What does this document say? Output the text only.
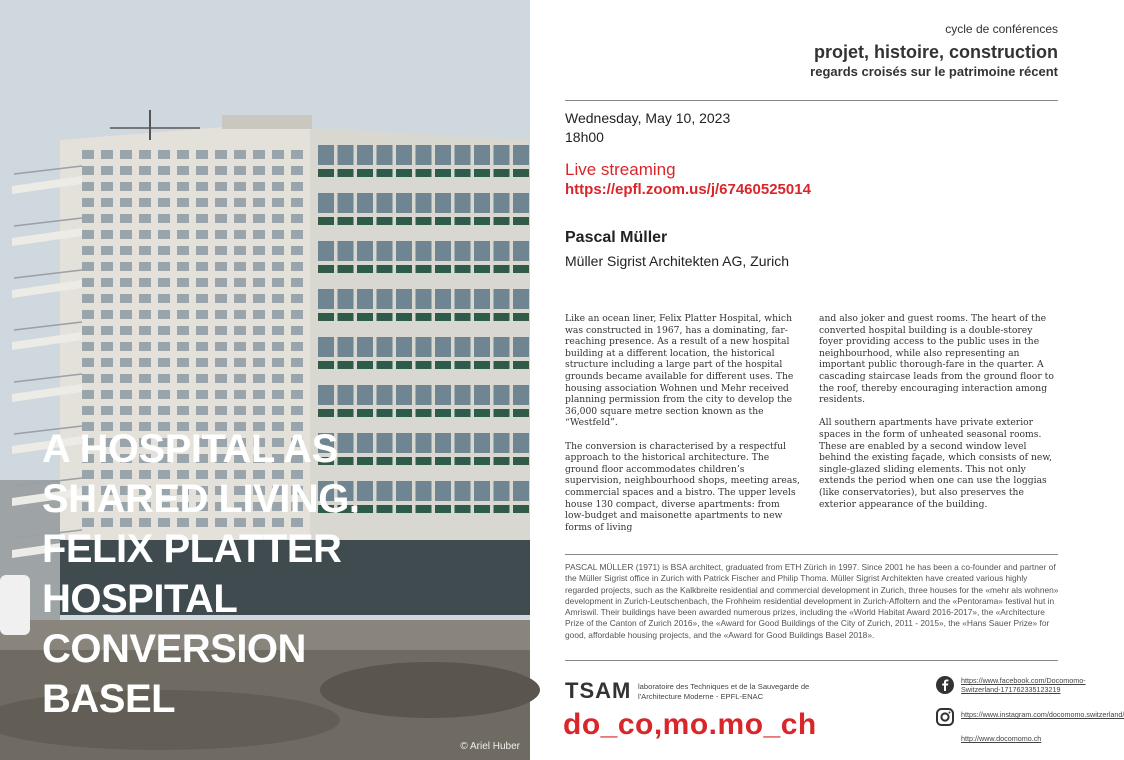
A HOSPITAL AS
SHARED LIVING.
FELIX PLATTER
HOSPITAL
CONVERSION
BASEL
© Ariel Huber
cycle de conférences
projet, histoire, construction
regards croisés sur le patrimoine récent
Wednesday, May 10, 2023
18h00
Live streaming
https://epfl.zoom.us/j/67460525014
Pascal Müller
Müller Sigrist Architekten AG, Zurich

Like an ocean liner, Felix Platter Hospital, which was constructed in 1967, has a dominating, far-reaching presence. As a result of a new hospital building at a different location, the historical structure including a large part of the hospital grounds became available for different uses. The housing association Wohnen und Mehr received planning permission from the city to develop the 36,000 square metre section known as the “Westfeld”.

The conversion is characterised by a respectful approach to the historical architecture. The ground floor accommodates children’s supervision, neighbourhood shops, meeting areas, commercial spaces and a bistro. The upper levels house 130 compact, diverse apartments: from low-budget and maisonette apartments to new forms of living

and also joker and guest rooms. The heart of the converted hospital building is a double-storey foyer providing access to the public uses in the neighbourhood, while also representing an important public thorough-fare in the quarter. A cascading staircase leads from the ground floor to the roof, thereby encouraging interaction among residents.

All southern apartments have private exterior spaces in the form of unheated seasonal rooms. These are enabled by a second window level behind the existing façade, which consists of new, single-glazed sliding elements. This not only extends the period when one can use the loggias (like conservatories), but also preserves the exterior appearance of the building.

PASCAL MÜLLER (1971) is BSA architect, graduated from ETH Zürich in 1997. Since 2001 he has been a co-founder and partner of the Müller Sigrist office in Zurich with Patrick Fischer and Philip Thoma. Müller Sigrist Architekten have created various highly regarded projects, such as the Kalkbreite residential and commercial development in Zurich, three houses for the «mehr als wohnen» development in Zurich-Leutschenbach, the Frohheim residential development in Zurich-Affoltern and the «Pentorama» festival hut in Amriswil. Their buildings have been awarded numerous prizes, including the «World Habitat Award 2016-2017», the «Architecture Prize of the Canton of Zurich 2016», the «Award for Good Buildings of the City of Zurich, 2011 - 2015», the «Hans Sauer Prize» for good, affordable housing projects, and the «Award for Good Buildings Basel 2018».

TSAM laboratoire des Techniques et de la Sauvegarde de l'Architecture Moderne - EPFL-ENAC
do_co,mo.mo_ch
https://www.facebook.com/Docomomo-Switzerland-171762335123219
https://www.instagram.com/docomomo.switzerland/
http://www.docomomo.ch
